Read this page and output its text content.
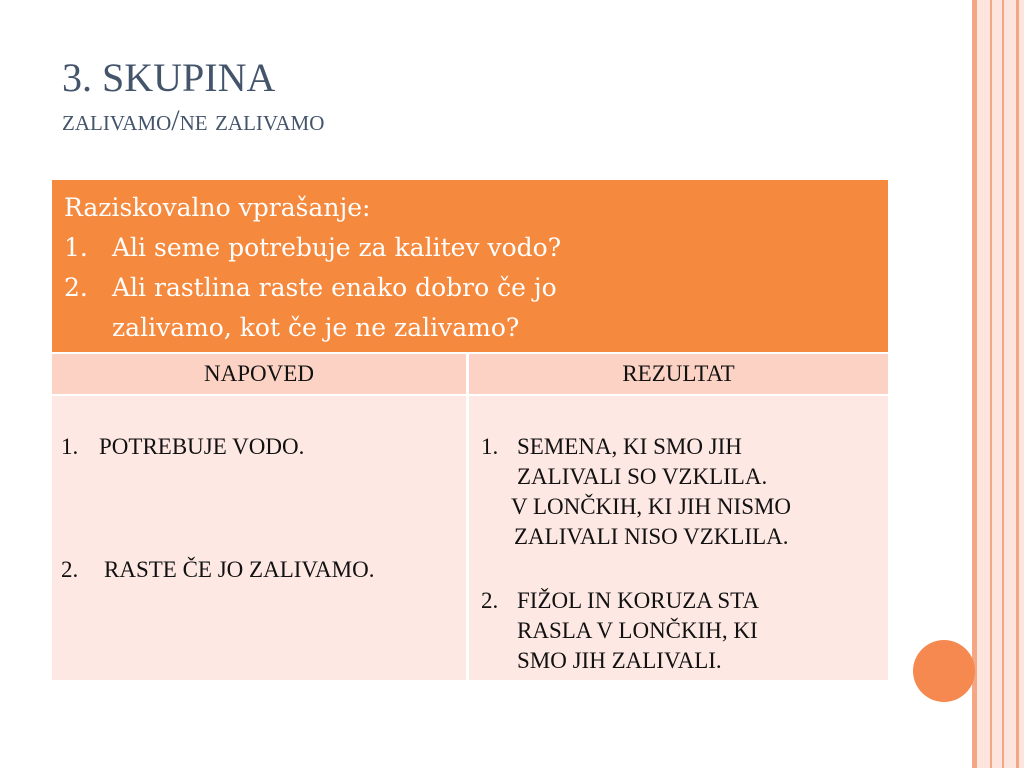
3. SKUPINA
zalivamo/ne zalivamo
Raziskovalno vprašanje:
1. Ali seme potrebuje za kalitev vodo?
2. Ali rastlina raste enako dobro če jo
zalivamo, kot če je ne zalivamo?
NAPOVED	REZULTAT
1. POTREBUJE VODO.
2. RASTE ČE JO ZALIVAMO.
1. SEMENA, KI SMO JIH
ZALIVALI SO VZKLILA.
V LONČKIH, KI JIH NISMO
ZALIVALI NISO VZKLILA.
2. FIŽOL IN KORUZA STA
RASLA V LONČKIH, KI
SMO JIH ZALIVALI.
